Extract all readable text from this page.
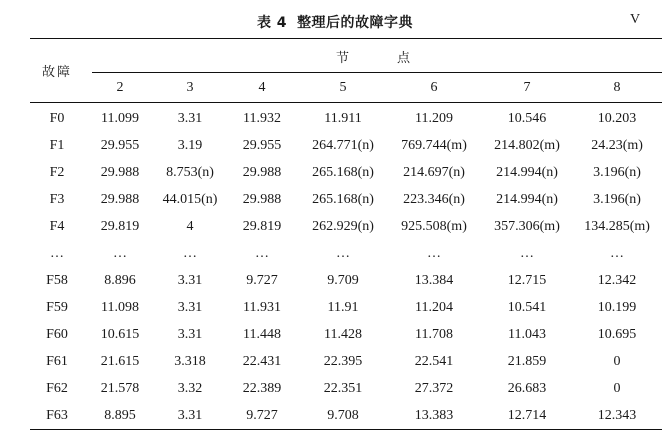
表 4 整理后的故障字典	V
故障	节 点						

	2	3	4	5	6	7	8
F0	11.099	3.31	11.932	11.911	11.209	10.546	10.203
F1	29.955	3.19	29.955	264.771(n)	769.744(m)	214.802(m)	24.23(m)
F2	29.988	8.753(n)	29.988	265.168(n)	214.697(n)	214.994(n)	3.196(n)
F3	29.988	44.015(n)	29.988	265.168(n)	223.346(n)	214.994(n)	3.196(n)
F4	29.819	4	29.819	262.929(n)	925.508(m)	357.306(m)	134.285(m)
…	…	…	…	…	…	…	…
F58	8.896	3.31	9.727	9.709	13.384	12.715	12.342
F59	11.098	3.31	11.931	11.91	11.204	10.541	10.199
F60	10.615	3.31	11.448	11.428	11.708	11.043	10.695
F61	21.615	3.318	22.431	22.395	22.541	21.859	0
F62	21.578	3.32	22.389	22.351	27.372	26.683	0
F63	8.895	3.31	9.727	9.708	13.383	12.714	12.343
